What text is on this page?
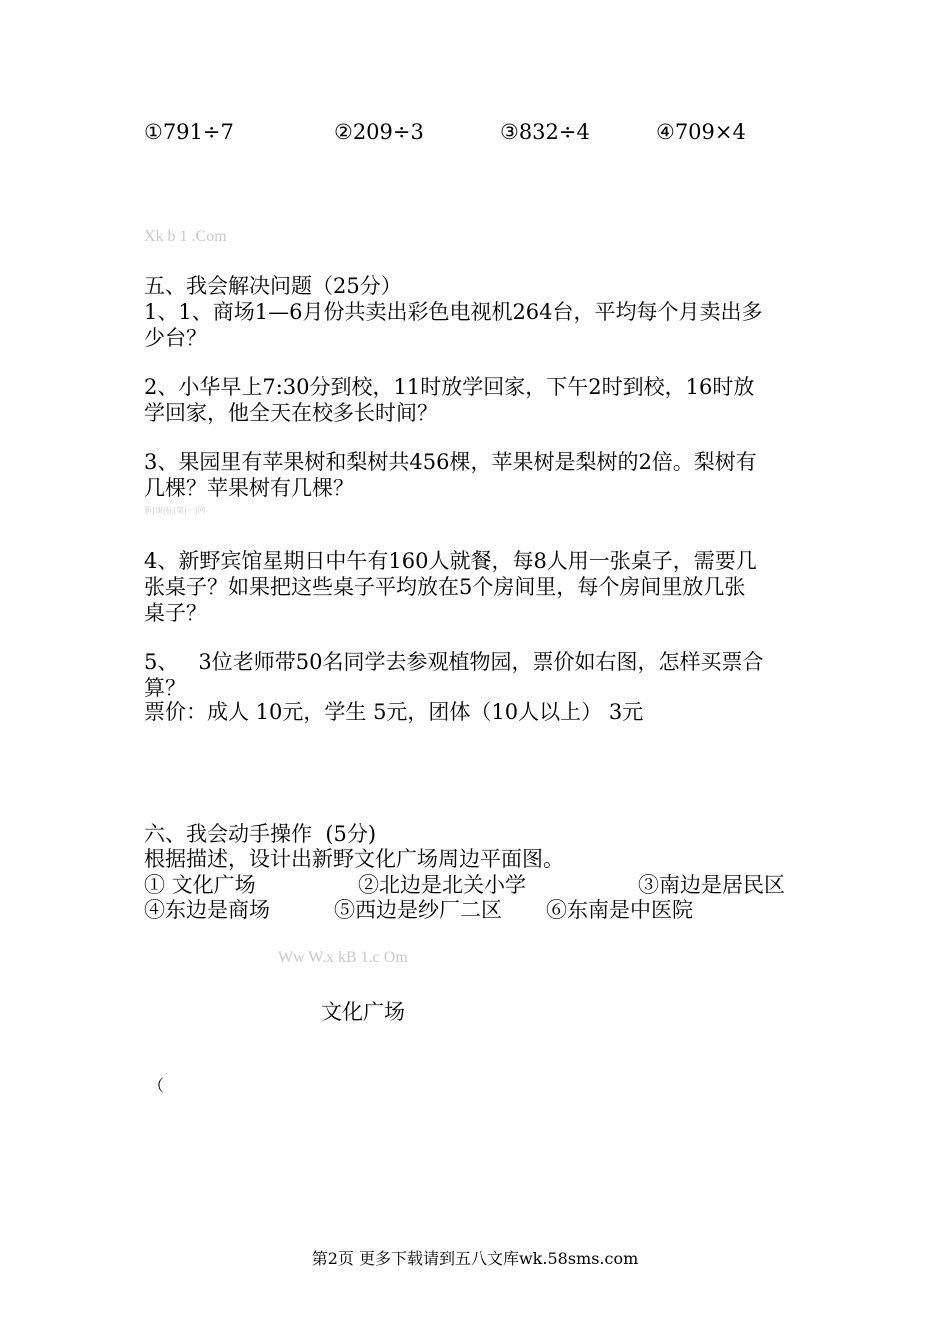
①791÷7	②209÷3	③832÷4	④709×4
Xk b 1 .Com
五、我会解决问题（25分）
1、1、商场1—6月份共卖出彩色电视机264台，平均每个月卖出多
少台？
2、小华早上7:30分到校，11时放学回家，下午2时到校，16时放
学回家，他全天在校多长时间？
3、果园里有苹果树和梨树共456棵，苹果树是梨树的2倍。梨树有
几棵？苹果树有几棵？
新|课|标|第|一|网
4、新野宾馆星期日中午有160人就餐，每8人用一张桌子，需要几
张桌子？如果把这些桌子平均放在5个房间里，每个房间里放几张
桌子？
5、   3位老师带50名同学去参观植物园，票价如右图，怎样买票合
算？
票价：成人 10元，学生 5元，团体（10人以上） 3元
六、我会动手操作  (5分)
根据描述，设计出新野文化广场周边平面图。
① 文化广场	②北边是北关小学	③南边是居民区
④东边是商场	⑤西边是纱厂二区 ⑥东南是中医院
Ww W.x kB 1.c Om
文化广场
（
第2页 更多下载请到五八文库wk.58sms.com
